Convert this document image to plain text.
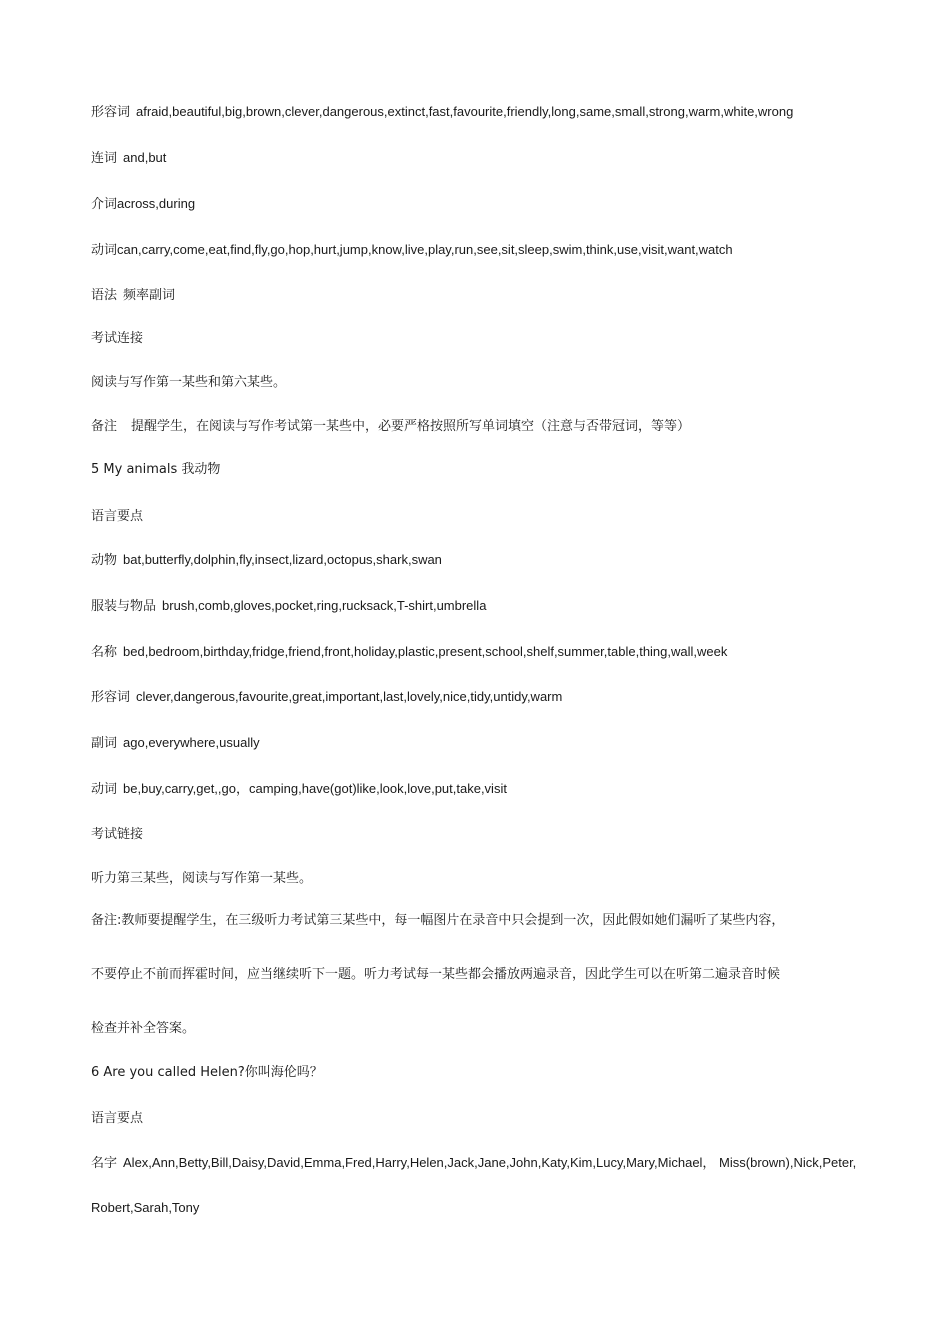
形容词 afraid,beautiful,big,brown,clever,dangerous,extinct,fast,favourite,friendly,long,same,small,strong,warm,white,wrong
连词 and,but
介词across,during
动词can,carry,come,eat,find,fly,go,hop,hurt,jump,know,live,play,run,see,sit,sleep,swim,think,use,visit,want,watch
语法 频率副词
考试连接
阅读与写作第一某些和第六某些。
备注 提醒学生，在阅读与写作考试第一某些中，必要严格按照所写单词填空（注意与否带冠词，等等）
5 My animals 我动物
语言要点
动物 bat,butterfly,dolphin,fly,insect,lizard,octopus,shark,swan
服装与物品 brush,comb,gloves,pocket,ring,rucksack,T-shirt,umbrella
名称 bed,bedroom,birthday,fridge,friend,front,holiday,plastic,present,school,shelf,summer,table,thing,wall,week
形容词 clever,dangerous,favourite,great,important,last,lovely,nice,tidy,untidy,warm
副词 ago,everywhere,usually
动词 be,buy,carry,get,,go，camping,have(got)like,look,love,put,take,visit
考试链接
听力第三某些，阅读与写作第一某些。
备注:教师要提醒学生，在三级听力考试第三某些中，每一幅图片在录音中只会提到一次，因此假如她们漏听了某些内容，
不要停止不前而挥霍时间，应当继续听下一题。听力考试每一某些都会播放两遍录音，因此学生可以在听第二遍录音时候
检查并补全答案。
6 Are you called Helen?你叫海伦吗？
语言要点
名字 Alex,Ann,Betty,Bill,Daisy,David,Emma,Fred,Harry,Helen,Jack,Jane,John,Katy,Kim,Lucy,Mary,Michael， Miss(brown),Nick,Peter,
Robert,Sarah,Tony
